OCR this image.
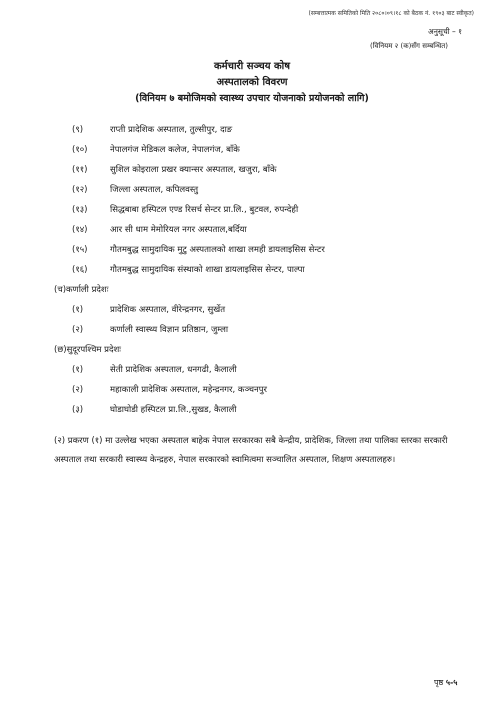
(सम्बत्तात्मक समितिको मिति २०८०।०९।१८ को बैठक नं. १९०३ बाट स्वीकृत)
अनुसूची – १
(विनियम २ (क)सँग सम्बन्धित)
कर्मचारी सञ्चय कोष
अस्पतालको विवरण
(विनियम ७ बमोजिमको स्वास्थ्य उपचार योजनाको प्रयोजनको लागि)
(९)	राप्ती प्रादेशिक अस्पताल, तुल्सीपुर, दाङ
(१०)	नेपालगंज मेडिकल कलेज, नेपालगंज, बाँके
(११)	सुशिल कोइराला प्रखर क्यान्सर अस्पताल, खजुरा, बाँके
(१२)	जिल्ला अस्पताल, कपिलवस्तु
(१३)	सिद्धबाबा हस्पिटल एण्ड रिसर्च सेन्टर प्रा.लि., बुटवल, रुपन्देही
(१४)	आर सी धाम मेमोरियल नगर अस्पताल,बर्दिया
(१५)	गौतमबुद्ध सामुदायिक मुटु अस्पतालको शाखा लमही डायलाइसिस सेन्टर
(१६)	गौतमबुद्ध सामुदायिक संस्थाको शाखा डायलाइसिस सेन्टर, पाल्पा
(च)कर्णाली प्रदेशः
(१)	प्रादेशिक अस्पताल, वीरेन्द्रनगर, सुर्खेत
(२)	कर्णाली स्वास्थ्य विज्ञान प्रतिष्ठान, जुम्ला
(छ)सुदूरपश्चिम प्रदेशः
(१)	सेती प्रादेशिक अस्पताल, धनगढी, कैलाली
(२)	महाकाली प्रादेशिक अस्पताल, महेन्द्रनगर, कञ्चनपुर
(३)	घोडाघोडी हस्पिटल प्रा.लि.,सुखड, कैलाली
(२) प्रकरण (१) मा उल्लेख भएका अस्पताल बाहेक नेपाल सरकारका सबै केन्द्रीय, प्रादेशिक, जिल्ला तथा पालिका स्तरका सरकारी अस्पताल तथा सरकारी स्वास्थ्य केन्द्रहरु, नेपाल सरकारको स्वामित्वमा सञ्चालित अस्पताल, शिक्षण अस्पतालहरु।
पृष्ठ ५-५
